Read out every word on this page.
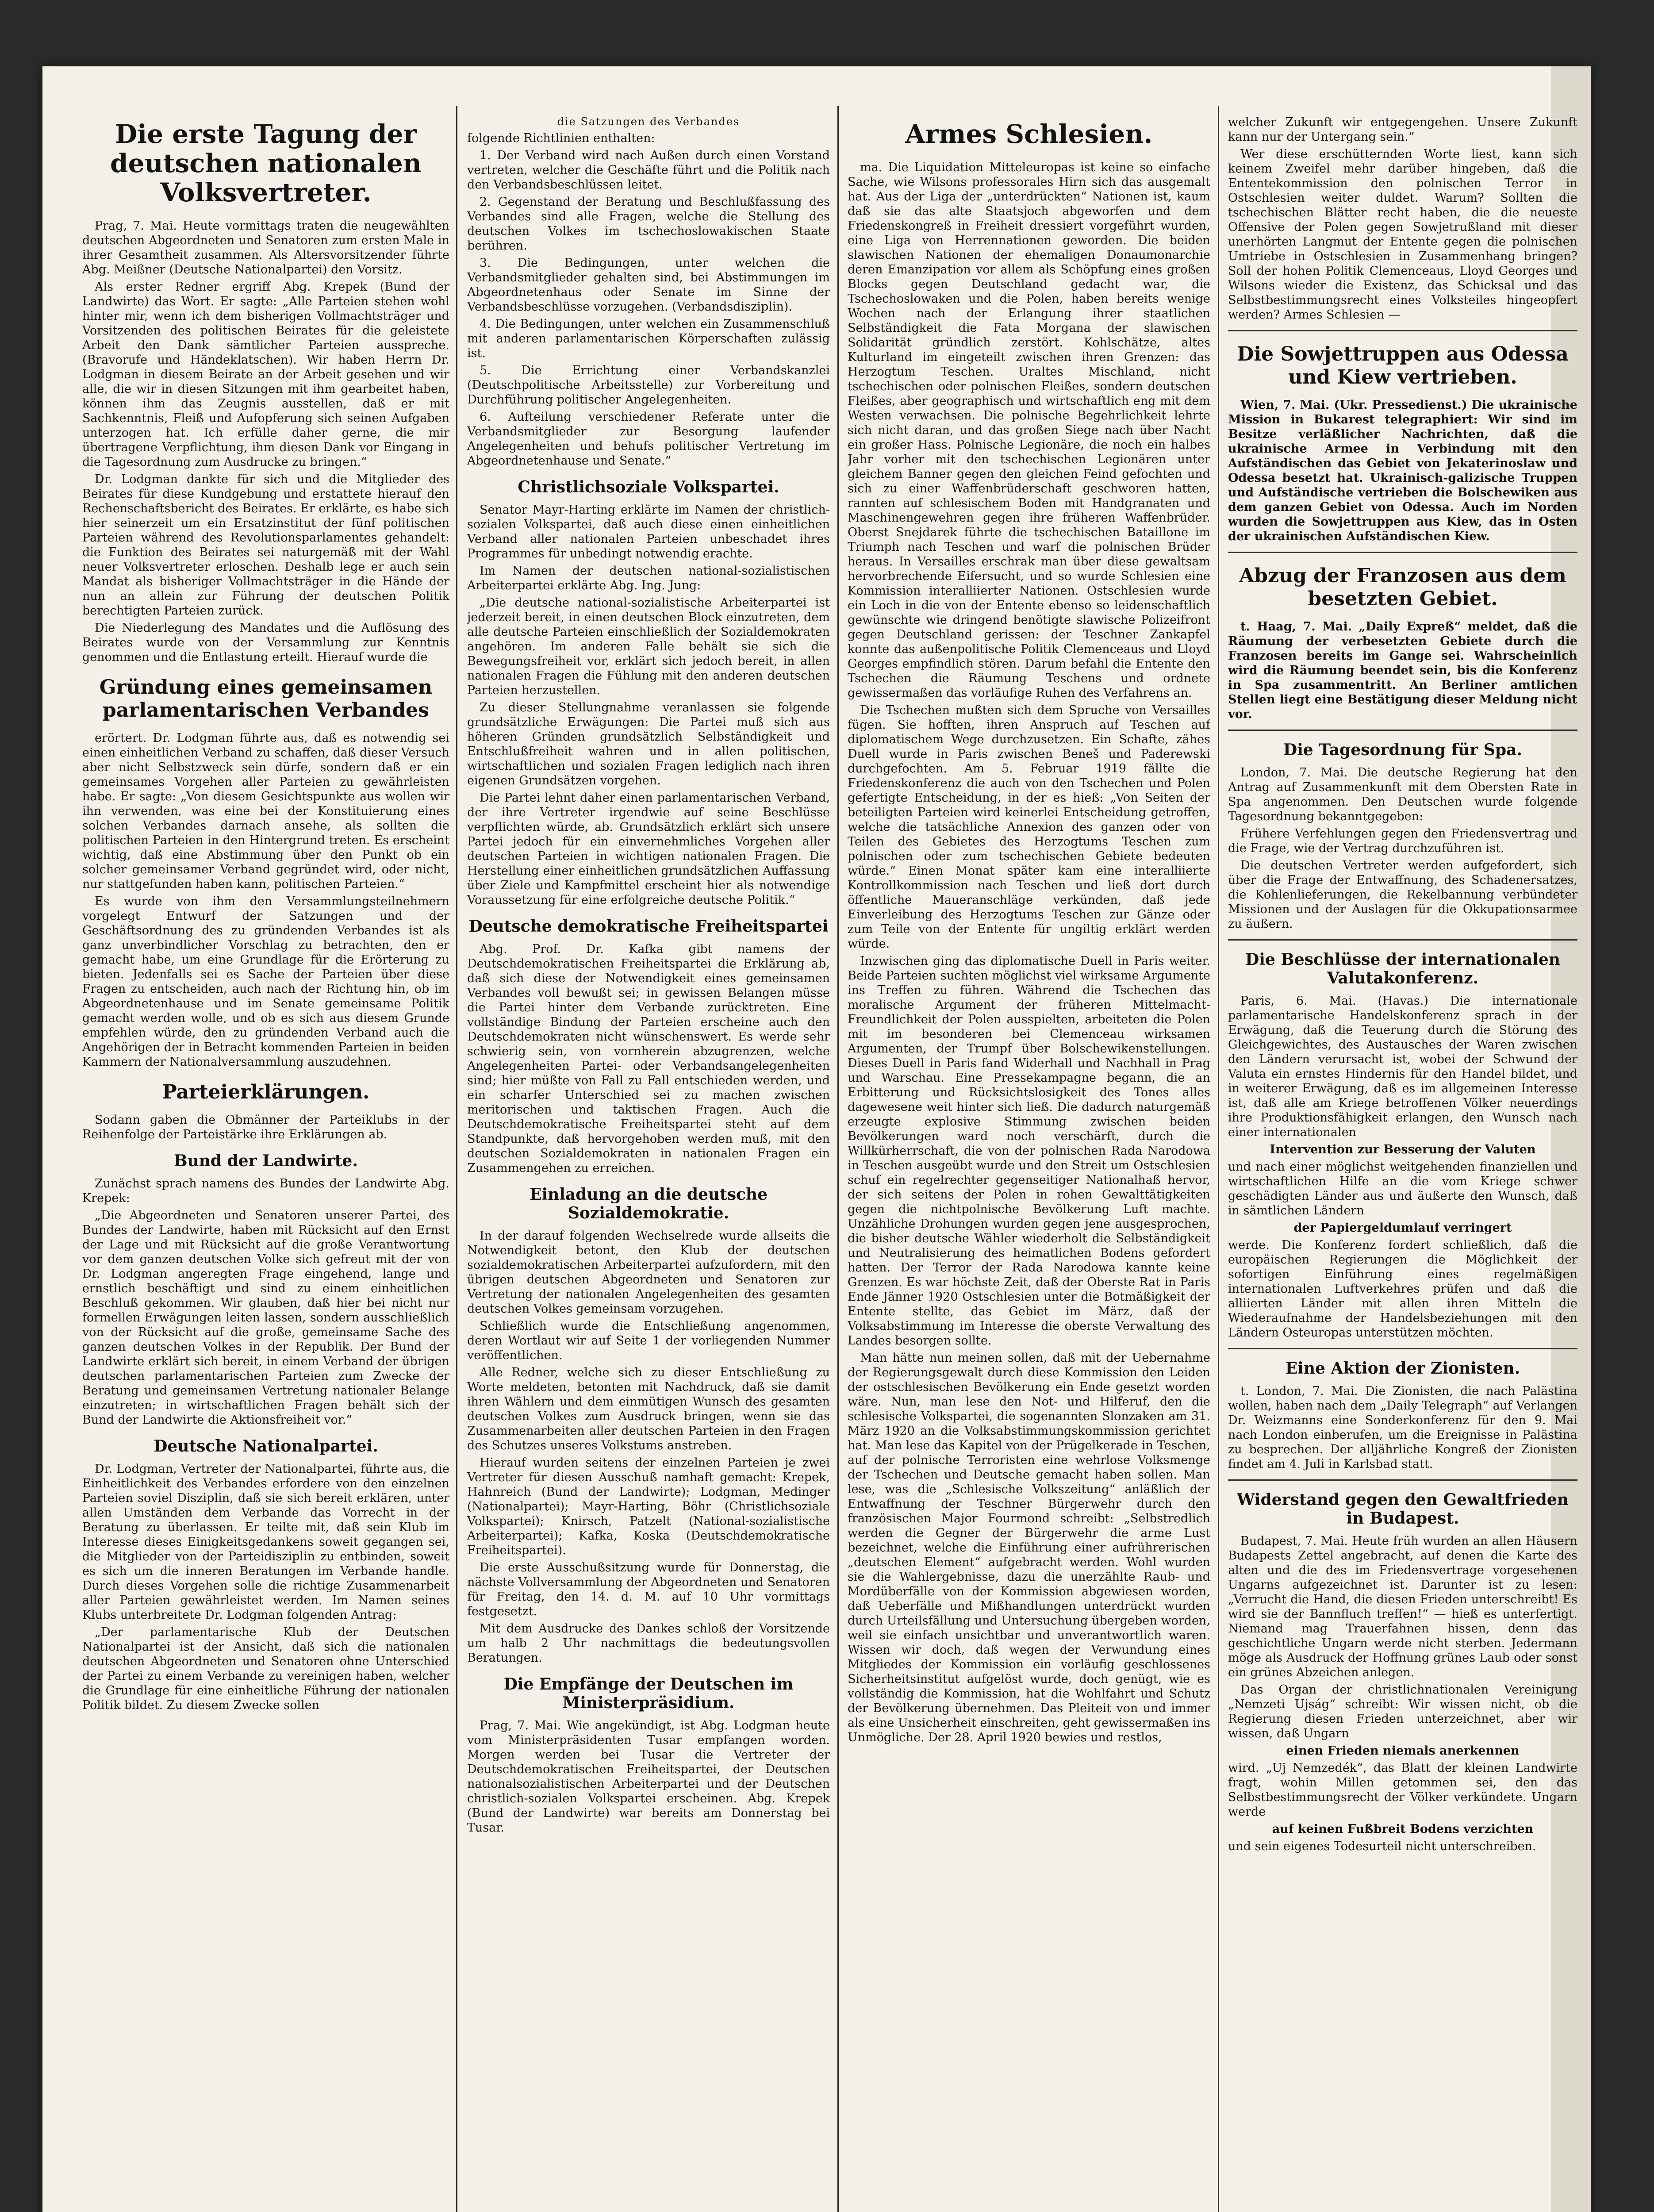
Die erste Tagung der deutschen nationalen Volksvertreter.

Prag, 7. Mai. Heute vormittags traten die neugewählten deutschen Abgeordneten und Senatoren zum ersten Male in ihrer Gesamtheit zusammen. Als Altersvorsitzender führte Abg. Meißner (Deutsche Nationalpartei) den Vorsitz.

Als erster Redner ergriff Abg. Krepek (Bund der Landwirte) das Wort. Er sagte: „Alle Parteien stehen wohl hinter mir, wenn ich dem bisherigen Vollmachtsträger und Vorsitzenden des politischen Beirates für die geleistete Arbeit den Dank sämtlicher Parteien ausspreche. (Bravorufe und Händeklatschen). Wir haben Herrn Dr. Lodgman in diesem Beirate an der Arbeit gesehen und wir alle, die wir in diesen Sitzungen mit ihm gearbeitet haben, können ihm das Zeugnis ausstellen, daß er mit Sachkenntnis, Fleiß und Aufopferung sich seinen Aufgaben unterzogen hat. Ich erfülle daher gerne, die mir übertragene Verpflichtung, ihm diesen Dank vor Eingang in die Tagesordnung zum Ausdrucke zu bringen.“

Dr. Lodgman dankte für sich und die Mitglieder des Beirates für diese Kundgebung und erstattete hierauf den Rechenschaftsbericht des Beirates. Er erklärte, es habe sich hier seinerzeit um ein Ersatzinstitut der fünf politischen Parteien während des Revolutionsparlamentes gehandelt: die Funktion des Beirates sei naturgemäß mit der Wahl neuer Volksvertreter erloschen. Deshalb lege er auch sein Mandat als bisheriger Vollmachtsträger in die Hände der nun an allein zur Führung der deutschen Politik berechtigten Parteien zurück.

Die Niederlegung des Mandates und die Auflösung des Beirates wurde von der Versammlung zur Kenntnis genommen und die Entlastung erteilt. Hierauf wurde die

Gründung eines gemeinsamen parlamentarischen Verbandes

erörtert. Dr. Lodgman führte aus, daß es notwendig sei einen einheitlichen Verband zu schaffen, daß dieser Versuch aber nicht Selbstzweck sein dürfe, sondern daß er ein gemeinsames Vorgehen aller Parteien zu gewährleisten habe. Er sagte: „Von diesem Gesichtspunkte aus wollen wir ihn verwenden, was eine bei der Konstituierung eines solchen Verbandes darnach ansehe, als sollten die politischen Parteien in den Hintergrund treten. Es erscheint wichtig, daß eine Abstimmung über den Punkt ob ein solcher gemeinsamer Verband gegründet wird, oder nicht, nur stattgefunden haben kann, politischen Parteien.“

Es wurde von ihm den Versammlungsteilnehmern vorgelegt Entwurf der Satzungen und der Geschäftsordnung des zu gründenden Verbandes ist als ganz unverbindlicher Vorschlag zu betrachten, den er gemacht habe, um eine Grundlage für die Erörterung zu bieten. Jedenfalls sei es Sache der Parteien über diese Fragen zu entscheiden, auch nach der Richtung hin, ob im Abgeordnetenhause und im Senate gemeinsame Politik gemacht werden wolle, und ob es sich aus diesem Grunde empfehlen würde, den zu gründenden Verband auch die Angehörigen der in Betracht kommenden Parteien in beiden Kammern der Nationalversammlung auszudehnen.

Parteierklärungen.

Sodann gaben die Obmänner der Parteiklubs in der Reihenfolge der Parteistärke ihre Erklärungen ab.

Bund der Landwirte.

Zunächst sprach namens des Bundes der Landwirte Abg. Krepek:

„Die Abgeordneten und Senatoren unserer Partei, des Bundes der Landwirte, haben mit Rücksicht auf den Ernst der Lage und mit Rücksicht auf die große Verantwortung vor dem ganzen deutschen Volke sich gefreut mit der von Dr. Lodgman angeregten Frage eingehend, lange und ernstlich beschäftigt und sind zu einem einheitlichen Beschluß gekommen. Wir glauben, daß hier bei nicht nur formellen Erwägungen leiten lassen, sondern ausschließlich von der Rücksicht auf die große, gemeinsame Sache des ganzen deutschen Volkes in der Republik. Der Bund der Landwirte erklärt sich bereit, in einem Verband der übrigen deutschen parlamentarischen Parteien zum Zwecke der Beratung und gemeinsamen Vertretung nationaler Belange einzutreten; in wirtschaftlichen Fragen behält sich der Bund der Landwirte die Aktionsfreiheit vor.“

Deutsche Nationalpartei.

Dr. Lodgman, Vertreter der Nationalpartei, führte aus, die Einheitlichkeit des Verbandes erfordere von den einzelnen Parteien soviel Disziplin, daß sie sich bereit erklären, unter allen Umständen dem Verbande das Vorrecht in der Beratung zu überlassen. Er teilte mit, daß sein Klub im Interesse dieses Einigkeitsgedankens soweit gegangen sei, die Mitglieder von der Parteidisziplin zu entbinden, soweit es sich um die inneren Beratungen im Verbande handle. Durch dieses Vorgehen solle die richtige Zusammenarbeit aller Parteien gewährleistet werden. Im Namen seines Klubs unterbreitete Dr. Lodgman folgenden Antrag:

„Der parlamentarische Klub der Deutschen Nationalpartei ist der Ansicht, daß sich die nationalen deutschen Abgeordneten und Senatoren ohne Unterschied der Partei zu einem Verbande zu vereinigen haben, welcher die Grundlage für eine einheitliche Führung der nationalen Politik bildet. Zu diesem Zwecke sollen

die Satzungen des Verbandes

folgende Richtlinien enthalten:

1. Der Verband wird nach Außen durch einen Vorstand vertreten, welcher die Geschäfte führt und die Politik nach den Verbandsbeschlüssen leitet.

2. Gegenstand der Beratung und Beschlußfassung des Verbandes sind alle Fragen, welche die Stellung des deutschen Volkes im tschechoslowakischen Staate berühren.

3. Die Bedingungen, unter welchen die Verbandsmitglieder gehalten sind, bei Abstimmungen im Abgeordnetenhaus oder Senate im Sinne der Verbandsbeschlüsse vorzugehen. (Verbandsdisziplin).

4. Die Bedingungen, unter welchen ein Zusammenschluß mit anderen parlamentarischen Körperschaften zulässig ist.

5. Die Errichtung einer Verbandskanzlei (Deutschpolitische Arbeitsstelle) zur Vorbereitung und Durchführung politischer Angelegenheiten.

6. Aufteilung verschiedener Referate unter die Verbandsmitglieder zur Besorgung laufender Angelegenheiten und behufs politischer Vertretung im Abgeordnetenhause und Senate.“

Christlichsoziale Volkspartei.

Senator Mayr-Harting erklärte im Namen der christlich-sozialen Volkspartei, daß auch diese einen einheitlichen Verband aller nationalen Parteien unbeschadet ihres Programmes für unbedingt notwendig erachte.

Im Namen der deutschen national-sozialistischen Arbeiterpartei erklärte Abg. Ing. Jung:

„Die deutsche national-sozialistische Arbeiterpartei ist jederzeit bereit, in einen deutschen Block einzutreten, dem alle deutsche Parteien einschließlich der Sozialdemokraten angehören. Im anderen Falle behält sie sich die Bewegungsfreiheit vor, erklärt sich jedoch bereit, in allen nationalen Fragen die Fühlung mit den anderen deutschen Parteien herzustellen.

Zu dieser Stellungnahme veranlassen sie folgende grundsätzliche Erwägungen: Die Partei muß sich aus höheren Gründen grundsätzlich Selbständigkeit und Entschlußfreiheit wahren und in allen politischen, wirtschaftlichen und sozialen Fragen lediglich nach ihren eigenen Grundsätzen vorgehen.

Die Partei lehnt daher einen parlamentarischen Verband, der ihre Vertreter irgendwie auf seine Beschlüsse verpflichten würde, ab. Grundsätzlich erklärt sich unsere Partei jedoch für ein einvernehmliches Vorgehen aller deutschen Parteien in wichtigen nationalen Fragen. Die Herstellung einer einheitlichen grundsätzlichen Auffassung über Ziele und Kampfmittel erscheint hier als notwendige Voraussetzung für eine erfolgreiche deutsche Politik.“

Deutsche demokratische Freiheitspartei

Abg. Prof. Dr. Kafka gibt namens der Deutschdemokratischen Freiheitspartei die Erklärung ab, daß sich diese der Notwendigkeit eines gemeinsamen Verbandes voll bewußt sei; in gewissen Belangen müsse die Partei hinter dem Verbande zurücktreten. Eine vollständige Bindung der Parteien erscheine auch den Deutschdemokraten nicht wünschenswert. Es werde sehr schwierig sein, von vornherein abzugrenzen, welche Angelegenheiten Partei- oder Verbandsangelegenheiten sind; hier müßte von Fall zu Fall entschieden werden, und ein scharfer Unterschied sei zu machen zwischen meritorischen und taktischen Fragen. Auch die Deutschdemokratische Freiheitspartei steht auf dem Standpunkte, daß hervorgehoben werden muß, mit den deutschen Sozialdemokraten in nationalen Fragen ein Zusammengehen zu erreichen.

Einladung an die deutsche Sozialdemokratie.

In der darauf folgenden Wechselrede wurde allseits die Notwendigkeit betont, den Klub der deutschen sozialdemokratischen Arbeiterpartei aufzufordern, mit den übrigen deutschen Abgeordneten und Senatoren zur Vertretung der nationalen Angelegenheiten des gesamten deutschen Volkes gemeinsam vorzugehen.

Schließlich wurde die Entschließung angenommen, deren Wortlaut wir auf Seite 1 der vorliegenden Nummer veröffentlichen.

Alle Redner, welche sich zu dieser Entschließung zu Worte meldeten, betonten mit Nachdruck, daß sie damit ihren Wählern und dem einmütigen Wunsch des gesamten deutschen Volkes zum Ausdruck bringen, wenn sie das Zusammenarbeiten aller deutschen Parteien in den Fragen des Schutzes unseres Volkstums anstreben.

Hierauf wurden seitens der einzelnen Parteien je zwei Vertreter für diesen Ausschuß namhaft gemacht: Krepek, Hahnreich (Bund der Landwirte); Lodgman, Medinger (Nationalpartei); Mayr-Harting, Böhr (Christlichsoziale Volkspartei); Knirsch, Patzelt (National-sozialistische Arbeiterpartei); Kafka, Koska (Deutschdemokratische Freiheitspartei).

Die erste Ausschußsitzung wurde für Donnerstag, die nächste Vollversammlung der Abgeordneten und Senatoren für Freitag, den 14. d. M. auf 10 Uhr vormittags festgesetzt.

Mit dem Ausdrucke des Dankes schloß der Vorsitzende um halb 2 Uhr nachmittags die bedeutungsvollen Beratungen.

Die Empfänge der Deutschen im Ministerpräsidium.

Prag, 7. Mai. Wie angekündigt, ist Abg. Lodgman heute vom Ministerpräsidenten Tusar empfangen worden. Morgen werden bei Tusar die Vertreter der Deutschdemokratischen Freiheitspartei, der Deutschen nationalsozialistischen Arbeiterpartei und der Deutschen christlich-sozialen Volkspartei erscheinen. Abg. Krepek (Bund der Landwirte) war bereits am Donnerstag bei Tusar.

Armes Schlesien.

ma. Die Liquidation Mitteleuropas ist keine so einfache Sache, wie Wilsons professorales Hirn sich das ausgemalt hat. Aus der Liga der „unterdrückten“ Nationen ist, kaum daß sie das alte Staatsjoch abgeworfen und dem Friedenskongreß in Freiheit dressiert vorgeführt wurden, eine Liga von Herrennationen geworden. Die beiden slawischen Nationen der ehemaligen Donaumonarchie deren Emanzipation vor allem als Schöpfung eines großen Blocks gegen Deutschland gedacht war, die Tschechoslowaken und die Polen, haben bereits wenige Wochen nach der Erlangung ihrer staatlichen Selbständigkeit die Fata Morgana der slawischen Solidarität gründlich zerstört. Kohlschätze, altes Kulturland im eingeteilt zwischen ihren Grenzen: das Herzogtum Teschen. Uraltes Mischland, nicht tschechischen oder polnischen Fleißes, sondern deutschen Fleißes, aber geographisch und wirtschaftlich eng mit dem Westen verwachsen. Die polnische Begehrlichkeit lehrte sich nicht daran, und das großen Siege nach über Nacht ein großer Hass. Polnische Legionäre, die noch ein halbes Jahr vorher mit den tschechischen Legionären unter gleichem Banner gegen den gleichen Feind gefochten und sich zu einer Waffenbrüderschaft geschworen hatten, rannten auf schlesischem Boden mit Handgranaten und Maschinengewehren gegen ihre früheren Waffenbrüder. Oberst Snejdarek führte die tschechischen Bataillone im Triumph nach Teschen und warf die polnischen Brüder heraus. In Versailles erschrak man über diese gewaltsam hervorbrechende Eifersucht, und so wurde Schlesien eine Kommission interalliierter Nationen. Ostschlesien wurde ein Loch in die von der Entente ebenso so leidenschaftlich gewünschte wie dringend benötigte slawische Polizeifront gegen Deutschland gerissen: der Teschner Zankapfel konnte das außenpolitische Politik Clemenceaus und Lloyd Georges empfindlich stören. Darum befahl die Entente den Tschechen die Räumung Teschens und ordnete gewissermaßen das vorläufige Ruhen des Verfahrens an.

Die Tschechen mußten sich dem Spruche von Versailles fügen. Sie hofften, ihren Anspruch auf Teschen auf diplomatischem Wege durchzusetzen. Ein Schafte, zähes Duell wurde in Paris zwischen Beneš und Paderewski durchgefochten. Am 5. Februar 1919 fällte die Friedenskonferenz die auch von den Tschechen und Polen gefertigte Entscheidung, in der es hieß: „Von Seiten der beteiligten Parteien wird keinerlei Entscheidung getroffen, welche die tatsächliche Annexion des ganzen oder von Teilen des Gebietes des Herzogtums Teschen zum polnischen oder zum tschechischen Gebiete bedeuten würde.“ Einen Monat später kam eine interalliierte Kontrollkommission nach Teschen und ließ dort durch öffentliche Maueranschläge verkünden, daß jede Einverleibung des Herzogtums Teschen zur Gänze oder zum Teile von der Entente für ungiltig erklärt werden würde.

Inzwischen ging das diplomatische Duell in Paris weiter. Beide Parteien suchten möglichst viel wirksame Argumente ins Treffen zu führen. Während die Tschechen das moralische Argument der früheren Mittelmacht-Freundlichkeit der Polen ausspielten, arbeiteten die Polen mit im besonderen bei Clemenceau wirksamen Argumenten, der Trumpf über Bolschewikenstellungen. Dieses Duell in Paris fand Widerhall und Nachhall in Prag und Warschau. Eine Pressekampagne begann, die an Erbitterung und Rücksichtslosigkeit des Tones alles dagewesene weit hinter sich ließ. Die dadurch naturgemäß erzeugte explosive Stimmung zwischen beiden Bevölkerungen ward noch verschärft, durch die Willkürherrschaft, die von der polnischen Rada Narodowa in Teschen ausgeübt wurde und den Streit um Ostschlesien schuf ein regelrechter gegenseitiger Nationalhaß hervor, der sich seitens der Polen in rohen Gewalttätigkeiten gegen die nichtpolnische Bevölkerung Luft machte. Unzähliche Drohungen wurden gegen jene ausgesprochen, die bisher deutsche Wähler wiederholt die Selbständigkeit und Neutralisierung des heimatlichen Bodens gefordert hatten. Der Terror der Rada Narodowa kannte keine Grenzen. Es war höchste Zeit, daß der Oberste Rat in Paris Ende Jänner 1920 Ostschlesien unter die Botmäßigkeit der Entente stellte, das Gebiet im März, daß der Volksabstimmung im Interesse die oberste Verwaltung des Landes besorgen sollte.

Man hätte nun meinen sollen, daß mit der Uebernahme der Regierungsgewalt durch diese Kommission den Leiden der ostschlesischen Bevölkerung ein Ende gesetzt worden wäre. Nun, man lese den Not- und Hilferuf, den die schlesische Volkspartei, die sogenannten Slonzaken am 31. März 1920 an die Volksabstimmungskommission gerichtet hat. Man lese das Kapitel von der Prügelkerade in Teschen, auf der polnische Terroristen eine wehrlose Volksmenge der Tschechen und Deutsche gemacht haben sollen. Man lese, was die „Schlesische Volkszeitung“ anläßlich der Entwaffnung der Teschner Bürgerwehr durch den französischen Major Fourmond schreibt: „Selbstredlich werden die Gegner der Bürgerwehr die arme Lust bezeichnet, welche die Einführung einer aufrührerischen „deutschen Element“ aufgebracht werden. Wohl wurden sie die Wahlergebnisse, dazu die unerzählte Raub- und Mordüberfälle von der Kommission abgewiesen worden, daß Ueberfälle und Mißhandlungen unterdrückt wurden durch Urteilsfällung und Untersuchung übergeben worden, weil sie einfach unsichtbar und unverantwortlich waren. Wissen wir doch, daß wegen der Verwundung eines Mitgliedes der Kommission ein vorläufig geschlossenes Sicherheitsinstitut aufgelöst wurde, doch genügt, wie es vollständig die Kommission, hat die Wohlfahrt und Schutz der Bevölkerung übernehmen. Das Pleiteit von und immer als eine Unsicherheit einschreiten, geht gewissermaßen ins Unmögliche. Der 28. April 1920 bewies und restlos,

welcher Zukunft wir entgegengehen. Unsere Zukunft kann nur der Untergang sein.“

Wer diese erschütternden Worte liest, kann sich keinem Zweifel mehr darüber hingeben, daß die Ententekommission den polnischen Terror in Ostschlesien weiter duldet. Warum? Sollten die tschechischen Blätter recht haben, die die neueste Offensive der Polen gegen Sowjetrußland mit dieser unerhörten Langmut der Entente gegen die polnischen Umtriebe in Ostschlesien in Zusammenhang bringen? Soll der hohen Politik Clemenceaus, Lloyd Georges und Wilsons wieder die Existenz, das Schicksal und das Selbstbestimmungsrecht eines Volksteiles hingeopfert werden? Armes Schlesien —

Die Sowjettruppen aus Odessa und Kiew vertrieben.

Wien, 7. Mai. (Ukr. Pressedienst.) Die ukrainische Mission in Bukarest telegraphiert: Wir sind im Besitze verläßlicher Nachrichten, daß die ukrainische Armee in Verbindung mit den Aufständischen das Gebiet von Jekaterinoslaw und Odessa besetzt hat. Ukrainisch-galizische Truppen und Aufständische vertrieben die Bolschewiken aus dem ganzen Gebiet von Odessa. Auch im Norden wurden die Sowjettruppen aus Kiew, das in Osten der ukrainischen Aufständischen Kiew.

Abzug der Franzosen aus dem besetzten Gebiet.

t. Haag, 7. Mai. „Daily Expreß“ meldet, daß die Räumung der verbesetzten Gebiete durch die Franzosen bereits im Gange sei. Wahrscheinlich wird die Räumung beendet sein, bis die Konferenz in Spa zusammentritt. An Berliner amtlichen Stellen liegt eine Bestätigung dieser Meldung nicht vor.

Die Tagesordnung für Spa.

London, 7. Mai. Die deutsche Regierung hat den Antrag auf Zusammenkunft mit dem Obersten Rate in Spa angenommen. Den Deutschen wurde folgende Tagesordnung bekanntgegeben:

Frühere Verfehlungen gegen den Friedensvertrag und die Frage, wie der Vertrag durchzuführen ist.

Die deutschen Vertreter werden aufgefordert, sich über die Frage der Entwaffnung, des Schadenersatzes, die Kohlenlieferungen, die Rekelbannung verbündeter Missionen und der Auslagen für die Okkupationsarmee zu äußern.

Die Beschlüsse der internationalen Valutakonferenz.

Paris, 6. Mai. (Havas.) Die internationale parlamentarische Handelskonferenz sprach in der Erwägung, daß die Teuerung durch die Störung des Gleichgewichtes, des Austausches der Waren zwischen den Ländern verursacht ist, wobei der Schwund der Valuta ein ernstes Hindernis für den Handel bildet, und in weiterer Erwägung, daß es im allgemeinen Interesse ist, daß alle am Kriege betroffenen Völker neuerdings ihre Produktionsfähigkeit erlangen, den Wunsch nach einer internationalen

Intervention zur Besserung der Valuten

und nach einer möglichst weitgehenden finanziellen und wirtschaftlichen Hilfe an die vom Kriege schwer geschädigten Länder aus und äußerte den Wunsch, daß in sämtlichen Ländern

der Papiergeldumlauf verringert

werde. Die Konferenz fordert schließlich, daß die europäischen Regierungen die Möglichkeit der sofortigen Einführung eines regelmäßigen internationalen Luftverkehres prüfen und daß die alliierten Länder mit allen ihren Mitteln die Wiederaufnahme der Handelsbeziehungen mit den Ländern Osteuropas unterstützen möchten.

Eine Aktion der Zionisten.

t. London, 7. Mai. Die Zionisten, die nach Palästina wollen, haben nach dem „Daily Telegraph“ auf Verlangen Dr. Weizmanns eine Sonderkonferenz für den 9. Mai nach London einberufen, um die Ereignisse in Palästina zu besprechen. Der alljährliche Kongreß der Zionisten findet am 4. Juli in Karlsbad statt.

Widerstand gegen den Gewaltfrieden in Budapest.

Budapest, 7. Mai. Heute früh wurden an allen Häusern Budapests Zettel angebracht, auf denen die Karte des alten und die des im Friedensvertrage vorgesehenen Ungarns aufgezeichnet ist. Darunter ist zu lesen: „Verrucht die Hand, die diesen Frieden unterschreibt! Es wird sie der Bannfluch treffen!“ — hieß es unterfertigt. Niemand mag Trauerfahnen hissen, denn das geschichtliche Ungarn werde nicht sterben. Jedermann möge als Ausdruck der Hoffnung grünes Laub oder sonst ein grünes Abzeichen anlegen.

Das Organ der christlichnationalen Vereinigung „Nemzeti Ujság“ schreibt: Wir wissen nicht, ob die Regierung diesen Frieden unterzeichnet, aber wir wissen, daß Ungarn

einen Frieden niemals anerkennen

wird. „Uj Nemzedék“, das Blatt der kleinen Landwirte fragt, wohin Millen getommen sei, den das Selbstbestimmungsrecht der Völker verkündete. Ungarn werde

auf keinen Fußbreit Bodens verzichten

und sein eigenes Todesurteil nicht unterschreiben.
